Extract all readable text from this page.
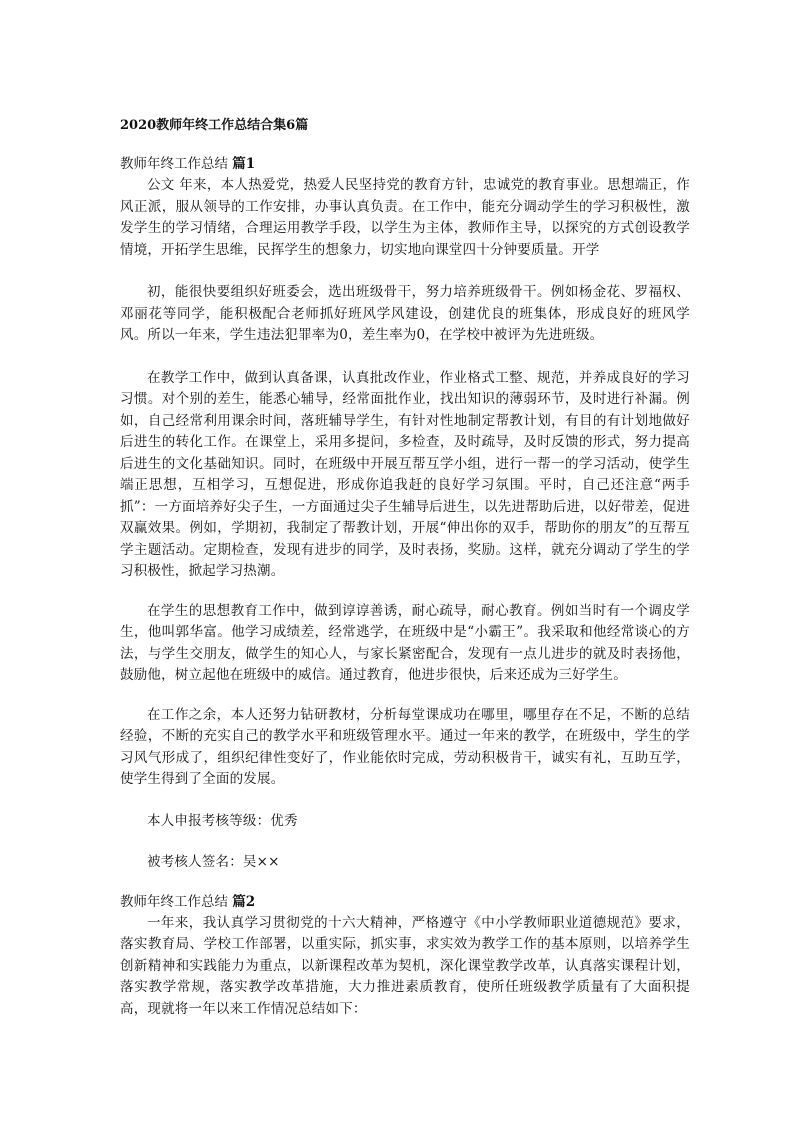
2020教师年终工作总结合集6篇
教师年终工作总结 篇1

公文 年来，本人热爱党，热爱人民坚持党的教育方针，忠诚党的教育事业。思想端正，作风正派，服从领导的工作安排，办事认真负责。在工作中，能充分调动学生的学习积极性，激发学生的学习情绪，合理运用教学手段，以学生为主体，教师作主导，以探究的方式创设教学情境，开拓学生思维，民挥学生的想象力，切实地向课堂四十分钟要质量。开学

初，能很快要组织好班委会，选出班级骨干，努力培养班级骨干。例如杨金花、罗福权、邓丽花等同学，能积极配合老师抓好班风学风建设，创建优良的班集体，形成良好的班风学风。所以一年来，学生违法犯罪率为0，差生率为0，在学校中被评为先进班级。

在教学工作中，做到认真备课，认真批改作业，作业格式工整、规范，并养成良好的学习习惯。对个别的差生，能悉心辅导，经常面批作业，找出知识的薄弱环节，及时进行补漏。例如，自己经常利用课余时间，落班辅导学生，有针对性地制定帮教计划，有目的有计划地做好后进生的转化工作。在课堂上，采用多提问，多检查，及时疏导，及时反馈的形式，努力提高后进生的文化基础知识。同时，在班级中开展互帮互学小组，进行一帮一的学习活动，使学生端正思想，互相学习，互想促进，形成你追我赶的良好学习氛围。平时，自己还注意“两手抓”：一方面培养好尖子生，一方面通过尖子生辅导后进生，以先进帮助后进，以好带差，促进双赢效果。例如，学期初，我制定了帮教计划，开展“伸出你的双手，帮助你的朋友”的互帮互学主题活动。定期检查，发现有进步的同学，及时表扬，奖励。这样，就充分调动了学生的学习积极性，掀起学习热潮。

在学生的思想教育工作中，做到谆谆善诱，耐心疏导，耐心教育。例如当时有一个调皮学生，他叫郭华富。他学习成绩差，经常逃学，在班级中是“小霸王”。我采取和他经常谈心的方法，与学生交朋友，做学生的知心人，与家长紧密配合，发现有一点儿进步的就及时表扬他，鼓励他，树立起他在班级中的威信。通过教育，他进步很快，后来还成为三好学生。

在工作之余，本人还努力钻研教材，分析每堂课成功在哪里，哪里存在不足，不断的总结经验，不断的充实自己的教学水平和班级管理水平。通过一年来的教学，在班级中，学生的学习风气形成了，组织纪律性变好了，作业能依时完成，劳动积极肯干，诚实有礼，互助互学，使学生得到了全面的发展。

本人申报考核等级：优秀

被考核人签名：吴××

教师年终工作总结 篇2

一年来，我认真学习贯彻党的十六大精神，严格遵守《中小学教师职业道德规范》要求，落实教育局、学校工作部署，以重实际，抓实事，求实效为教学工作的基本原则，以培养学生创新精神和实践能力为重点，以新课程改革为契机，深化课堂教学改革，认真落实课程计划，落实教学常规，落实教学改革措施，大力推进素质教育，使所任班级教学质量有了大面积提高，现就将一年以来工作情况总结如下：
